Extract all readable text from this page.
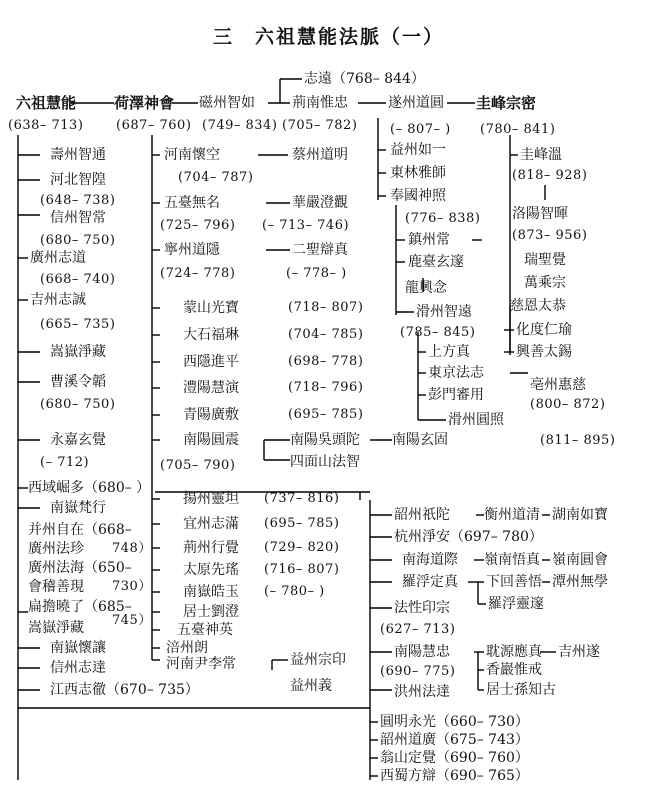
三　六祖慧能法脈（一）
六祖慧能
(638– 713)
荷澤神會
(687– 760)
磁州智如
(749– 834)
荊南惟忠
(705– 782)
志遠（768– 844）
遂州道圓
(– 807– )
圭峰宗密
(780– 841)
益州如一
東林雅師
奉國神照
(776– 838)
鎮州常
鹿臺玄邃
龍興念
滑州智遠
(785– 845)
上方真
東京法志
彭門審用
滑州圓照
(811– 895)
圭峰溫
(818– 928)
洛陽智暉
(873– 956)
瑞聖覺
萬乘宗
慈恩太恭
化度仁瑜
興善太錫
亳州惠慈
(800– 872)
河南懷空
(704– 787)
蔡州道明
五臺無名
(725– 796)
華嚴澄觀
(– 713– 746)
寧州道隱
(724– 778)
二聖辯真
(– 778– )
蒙山光寶	(718– 807)
大石福琳	(704– 785)
西隱進平	(698– 778)
澧陽慧演	(718– 796)
青陽廣敷	(695– 785)
南陽圓震
(705– 790)
南陽吳頭陀 南陽玄固
四面山法智
揚州靈坦 (737– 816)
宜州志滿 (695– 785)
荊州行覺 (729– 820)
太原先瑤 (716– 807)
南嶽皓玉 (– 780– )
居士劉澄
五臺神英
涪州朗
河南尹李常	益州宗印
益州義
壽州智通
河北智隍
(648– 738)
信州智常
(680– 750)
廣州志道
(668– 740)
吉州志誠
(665– 735)
嵩嶽淨藏
曹溪令韜
(680– 750)
永嘉玄覺
(– 712)
西域崛多（680– ）
南嶽梵行
并州自在（668–
廣州法珍 748）
廣州法海（650–
會稽善現 730）
扁擔曉了（685–
745）
嵩嶽淨藏
南嶽懷讓
信州志達
江西志徹（670– 735）
韶州祇陀 衡州道清 湖南如寶
杭州淨安（697– 780）
南海道際 嶺南悟真 嶺南圓會
羅浮定真 下回善悟 潭州無學
羅浮靈邃
法性印宗
(627– 713)
南陽慧忠
(690– 775)
耽源應真 吉州遂
香巖惟戒
居士孫知古
洪州法達
圓明永光（660– 730）
韶州道廣（675– 743）
翁山定覺（690– 760）
西蜀方辯（690– 765）
